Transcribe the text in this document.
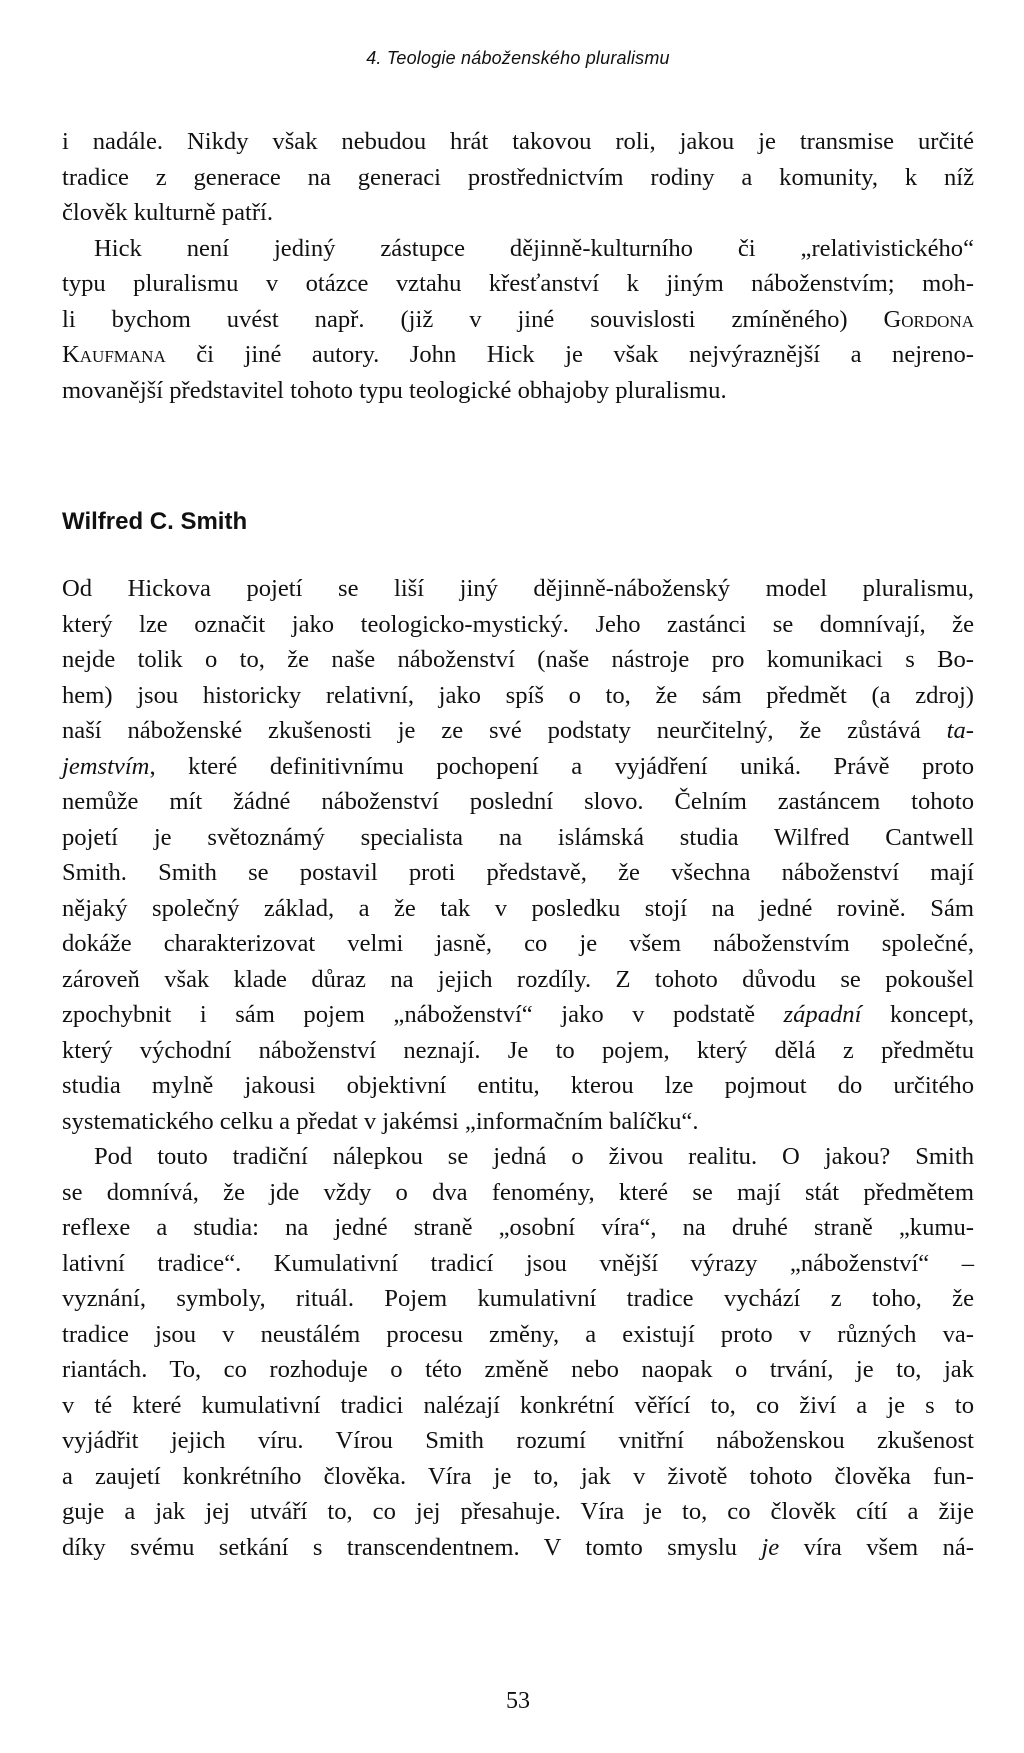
4. Teologie náboženského pluralismu
i nadále. Nikdy však nebudou hrát takovou roli, jakou je transmise určité
tradice z generace na generaci prostřednictvím rodiny a komunity, k níž
člověk kulturně patří.
Hick není jediný zástupce dějinně-kulturního či „relativistického“
typu pluralismu v otázce vztahu křesťanství k jiným náboženstvím; moh-
li bychom uvést např. (již v jiné souvislosti zmíněného) Gordona
Kaufmana či jiné autory. John Hick je však nejvýraznější a nejreno-
movanější představitel tohoto typu teologické obhajoby pluralismu.
Wilfred C. Smith
Od Hickova pojetí se liší jiný dějinně-náboženský model pluralismu,
který lze označit jako teologicko-mystický. Jeho zastánci se domnívají, že
nejde tolik o to, že naše náboženství (naše nástroje pro komunikaci s Bo-
hem) jsou historicky relativní, jako spíš o to, že sám předmět (a zdroj)
naší náboženské zkušenosti je ze své podstaty neurčitelný, že zůstává ta-
jemstvím, které definitivnímu pochopení a vyjádření uniká. Právě proto
nemůže mít žádné náboženství poslední slovo. Čelním zastáncem tohoto
pojetí je světoznámý specialista na islámská studia Wilfred Cantwell
Smith. Smith se postavil proti představě, že všechna náboženství mají
nějaký společný základ, a že tak v posledku stojí na jedné rovině. Sám
dokáže charakterizovat velmi jasně, co je všem náboženstvím společné,
zároveň však klade důraz na jejich rozdíly. Z tohoto důvodu se pokoušel
zpochybnit i sám pojem „náboženství“ jako v podstatě západní koncept,
který východní náboženství neznají. Je to pojem, který dělá z předmětu
studia mylně jakousi objektivní entitu, kterou lze pojmout do určitého
systematického celku a předat v jakémsi „informačním balíčku“.
Pod touto tradiční nálepkou se jedná o živou realitu. O jakou? Smith
se domnívá, že jde vždy o dva fenomény, které se mají stát předmětem
reflexe a studia: na jedné straně „osobní víra“, na druhé straně „kumu-
lativní tradice“. Kumulativní tradicí jsou vnější výrazy „náboženství“ –
vyznání, symboly, rituál. Pojem kumulativní tradice vychází z toho, že
tradice jsou v neustálém procesu změny, a existují proto v různých va-
riantách. To, co rozhoduje o této změně nebo naopak o trvání, je to, jak
v té které kumulativní tradici nalézají konkrétní věřící to, co živí a je s to
vyjádřit jejich víru. Vírou Smith rozumí vnitřní náboženskou zkušenost
a zaujetí konkrétního člověka. Víra je to, jak v životě tohoto člověka fun-
guje a jak jej utváří to, co jej přesahuje. Víra je to, co člověk cítí a žije
díky svému setkání s transcendentnem. V tomto smyslu je víra všem ná-
53
